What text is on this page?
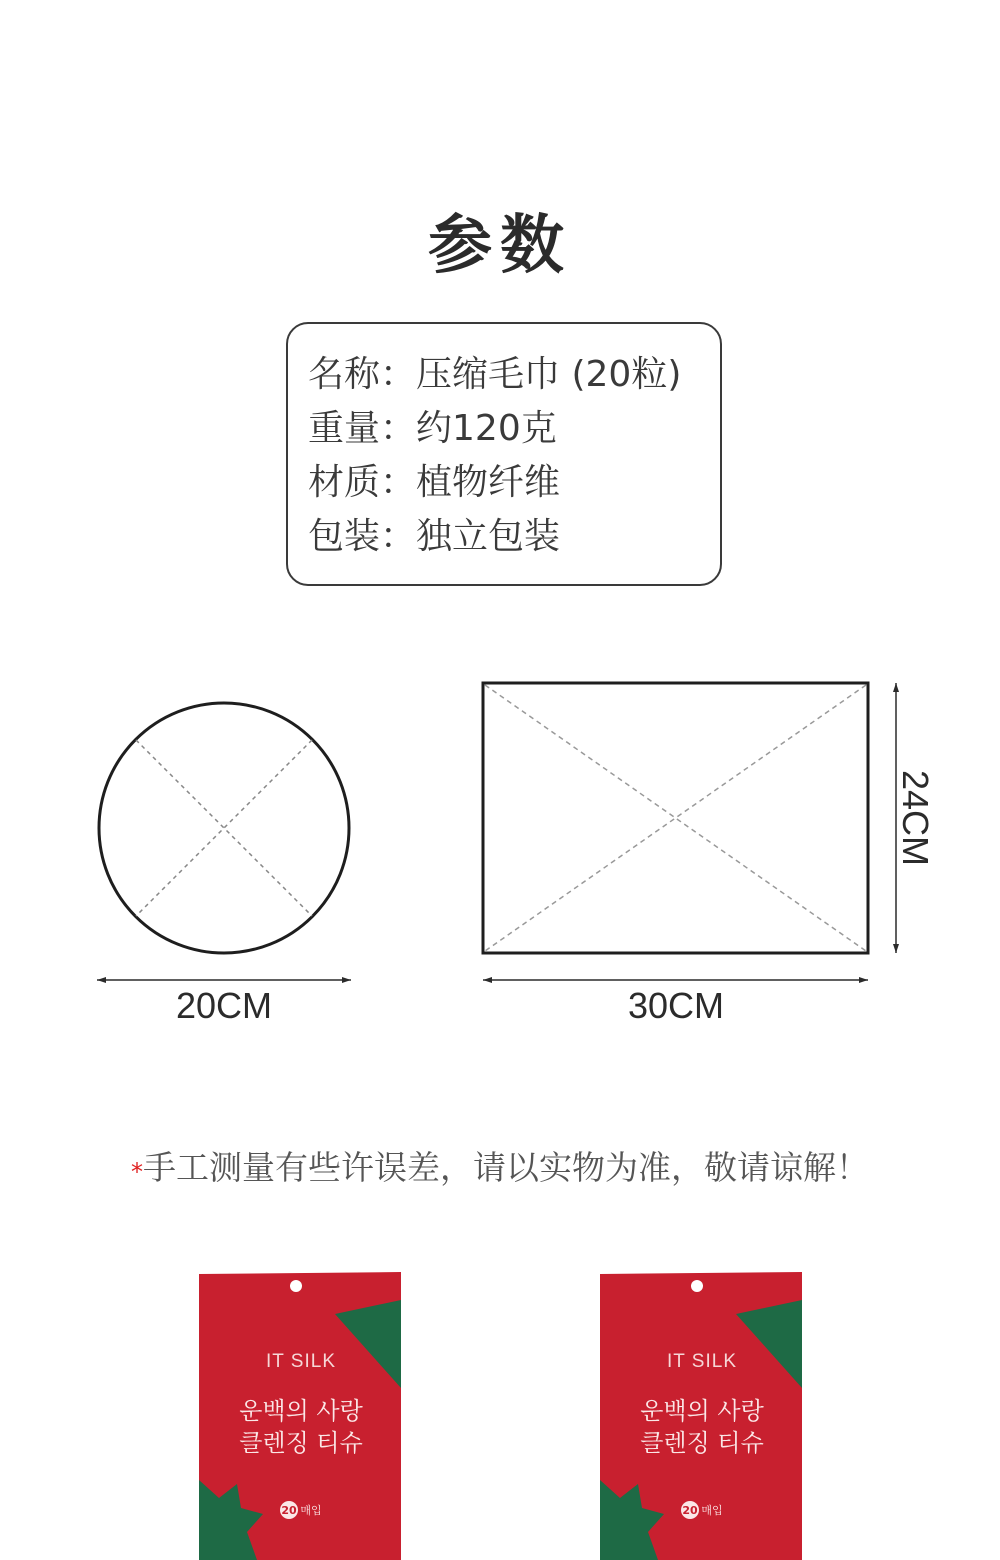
参数
名称：压缩毛巾 (20粒)
重量：约120克
材质：植物纤维
包装：独立包装
20CM	30CM
24CM
*手工测量有些许误差，请以实物为准，敬请谅解！
IT SILK
운백의 사랑
클렌징 티슈
20 매입
IT SILK
운백의 사랑
클렌징 티슈
20 매입
